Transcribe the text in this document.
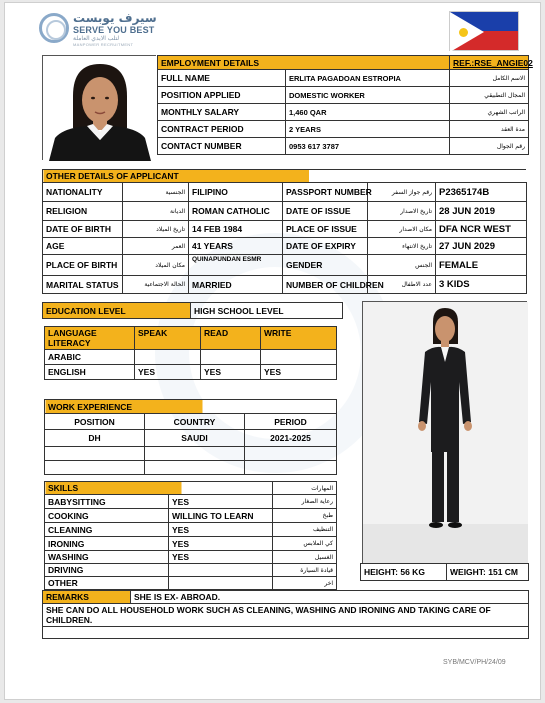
سيرف يوبست
SERVE YOU BEST
لتلب الايدي العاملة
MANPOWER RECRUITMENT
EMPLOYMENT DETAILS		REF.:RSE_ANGIE02
FULL NAME	ERLITA PAGADOAN ESTROPIA	الاسم الكامل
POSITION APPLIED	DOMESTIC WORKER	المجال التطبيقي
MONTHLY SALARY	1,460 QAR	الراتب الشهري
CONTRACT PERIOD	2 YEARS	مدة العقد
CONTACT NUMBER	0953 617 3787	رقم الجوال
OTHER DETAILS OF APPLICANT					
NATIONALITY	الجنسية	FILIPINO	PASSPORT NUMBER	رقم جواز السفر	P2365174B
RELIGION	الديانة	ROMAN CATHOLIC	DATE OF ISSUE	تاريخ الاصدار	28 JUN 2019
DATE OF BIRTH	تاريخ الميلاد	14 FEB 1984	PLACE OF ISSUE	مكان الاصدار	DFA NCR WEST
AGE	العمر	41 YEARS	DATE OF EXPIRY	تاريخ الانتهاء	27 JUN 2029
PLACE OF BIRTH	مكان الميلاد	QUINAPUNDAN ESMR	GENDER	الجنس	FEMALE
MARITAL STATUS	الحالة الاجتماعية	MARRIED	NUMBER OF CHILDREN	عدد الاطفال	3 KIDS
EDUCATION LEVEL	HIGH SCHOOL LEVEL
LANGUAGE LITERACY	SPEAK	READ	WRITE
ARABIC			
ENGLISH	YES	YES	YES
WORK EXPERIENCE		
POSITION	COUNTRY	PERIOD
DH	SAUDI	2021-2025

SKILLS		المهارات
BABYSITTING	YES	رعاية الصغار
COOKING	WILLING TO LEARN	طبخ
CLEANING	YES	التنظيف
IRONING	YES	كي الملابس
WASHING	YES	الغسيل
DRIVING		قيادة السيارة
OTHER		اخر
HEIGHT: 56 KG	WEIGHT: 151 CM
REMARKS	SHE IS EX- ABROAD.
SHE CAN DO ALL HOUSEHOLD WORK SUCH AS CLEANING, WASHING AND IRONING AND TAKING CARE OF CHILDREN.

SYB/MCV/PH/24/09
